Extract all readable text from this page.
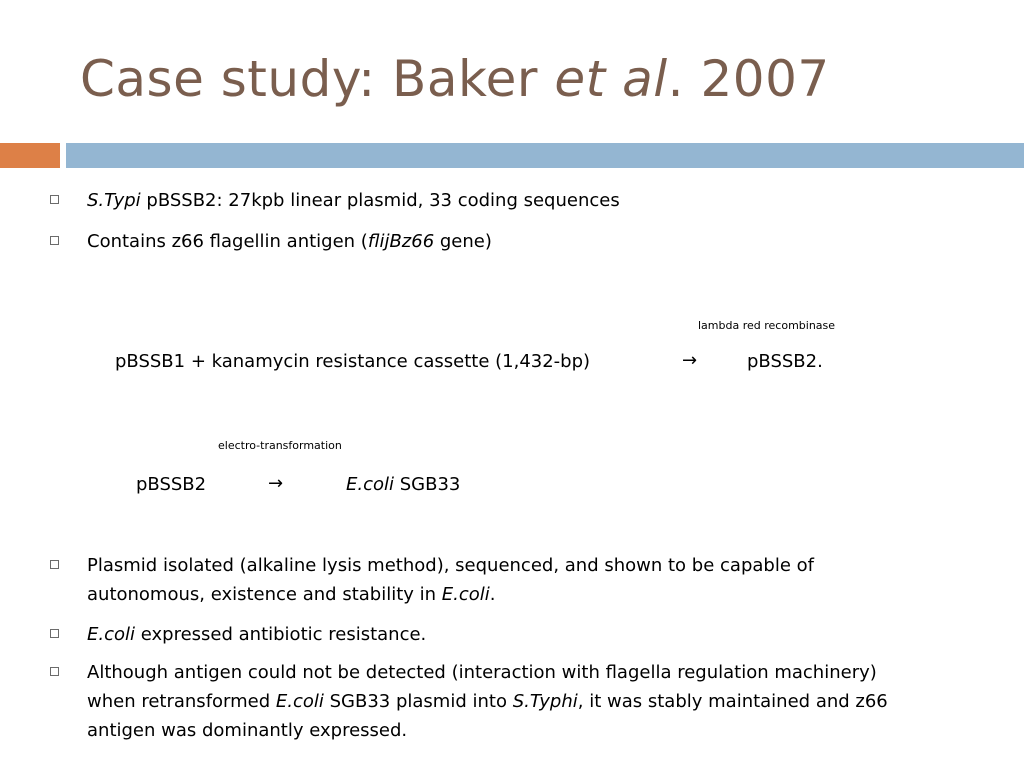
Case study: Baker et al. 2007
S.Typi pBSSB2: 27kpb linear plasmid, 33 coding sequences
Contains z66 flagellin antigen (flijBz66 gene)
lambda red recombinase
pBSSB1 + kanamycin resistance cassette (1,432-bp)	→	pBSSB2.
electro-transformation
pBSSB2	→	E.coli SGB33
Plasmid isolated (alkaline lysis method), sequenced, and shown to be capable of
autonomous, existence and stability in E.coli.
E.coli expressed antibiotic resistance.
Although antigen could not be detected (interaction with flagella regulation machinery)
when retransformed E.coli SGB33 plasmid into S.Typhi, it was stably maintained and z66
antigen was dominantly expressed.
